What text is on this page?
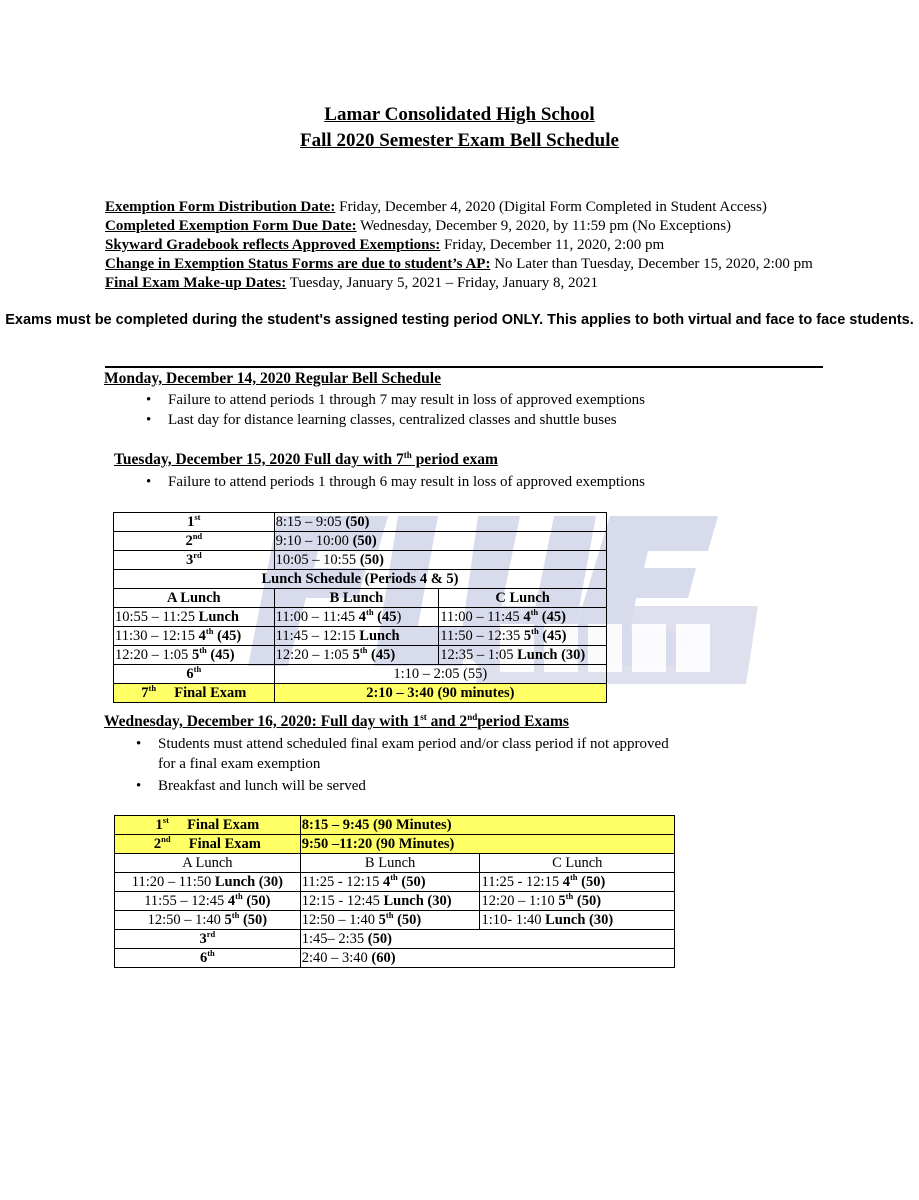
Lamar Consolidated High School
Fall 2020 Semester Exam Bell Schedule
Exemption Form Distribution Date: Friday, December 4, 2020 (Digital Form Completed in Student Access)
Completed Exemption Form Due Date: Wednesday, December 9, 2020, by 11:59 pm (No Exceptions)
Skyward Gradebook reflects Approved Exemptions: Friday, December 11, 2020, 2:00 pm
Change in Exemption Status Forms are due to student’s AP: No Later than Tuesday, December 15, 2020, 2:00 pm
Final Exam Make-up Dates: Tuesday, January 5, 2021 – Friday, January 8, 2021
Exams must be completed during the student's assigned testing period ONLY. This applies to both virtual and face to face students.
Monday, December 14, 2020 Regular Bell Schedule
• Failure to attend periods 1 through 7 may result in loss of approved exemptions
• Last day for distance learning classes, centralized classes and shuttle buses
Tuesday, December 15, 2020 Full day with 7th period exam
• Failure to attend periods 1 through 6 may result in loss of approved exemptions
1st	8:15 – 9:05 (50)	
2nd	9:10 – 10:00 (50)	
3rd	10:05 – 10:55 (50)	
Lunch Schedule (Periods 4 & 5)		
A Lunch	B Lunch	C Lunch
10:55 – 11:25 Lunch	11:00 – 11:45 4th (45)	11:00 – 11:45 4th (45)
11:30 – 12:15 4th (45)	11:45 – 12:15 Lunch	11:50 – 12:35 5th (45)
12:20 – 1:05 5th (45)	12:20 – 1:05 5th (45)	12:35 – 1:05 Lunch (30)
6th	1:10 – 2:05 (55)	
7th     Final Exam	2:10 – 3:40 (90 minutes)	
Wednesday, December 16, 2020: Full day with 1st and 2ndperiod Exams
• Students must attend scheduled final exam period and/or class period if not approved for a final exam exemption
• Breakfast and lunch will be served
1st     Final Exam	8:15 – 9:45 (90 Minutes)	
2nd     Final Exam	9:50 –11:20 (90 Minutes)	
A Lunch	B Lunch	C Lunch
11:20 – 11:50 Lunch (30)	11:25 - 12:15 4th (50)	11:25 - 12:15 4th (50)
11:55 – 12:45 4th (50)	12:15 - 12:45 Lunch (30)	12:20 – 1:10 5th (50)
12:50 – 1:40 5th (50)	12:50 – 1:40 5th (50)	1:10- 1:40 Lunch (30)
3rd	1:45– 2:35 (50)	
6th	2:40 – 3:40 (60)	
